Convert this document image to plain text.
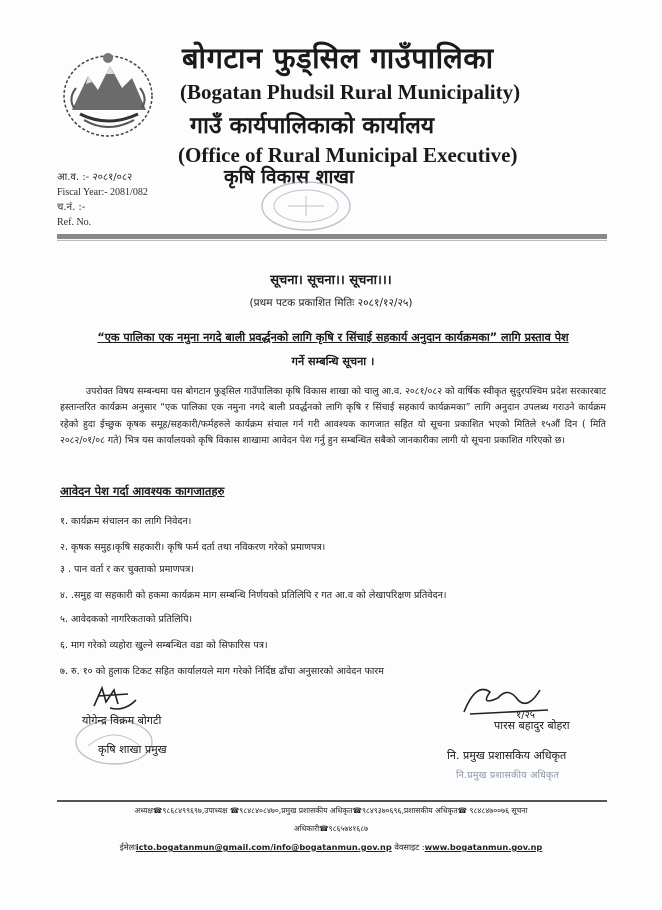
बोगटान फुड्सिल गाउँपालिका
(Bogatan Phudsil Rural Municipality)
गाउँ कार्यपालिकाको कार्यालय
(Office of Rural Municipal Executive)
कृषि विकास शाखा
आ.व. :- २०८१/०८२
Fiscal Year:- 2081/082
च.नं. :-
Ref. No.
सूचना। सूचना।। सूचना।।।
(प्रथम पटक प्रकाशित मितिः २०८१/१२/२५)
“एक पालिका एक नमुना नगदे बाली प्रवर्द्धनको लागि कृषि र सिंचाई सहकार्य अनुदान कार्यक्रमका” लागि प्रस्ताव पेश
गर्ने सम्बन्धि सूचना ।
उपरोक्त विषय सम्बन्धमा यस बोगटान फुड्सिल गाउँपालिका कृषि विकास शाखा को चालु आ.व. २०८१/०८२ को वार्षिक स्वीकृत सुदुरपश्चिम प्रदेश सरकारबाट हस्तान्तरित कार्यक्रम अनुसार “एक पालिका एक नमुना नगदे बाली प्रवर्द्धनको लागि कृषि र सिंचाई सहकार्य कार्यक्रमका” लागि अनुदान उपलब्ध गराउने कार्यक्रम रहेको हुदा ईच्छुक कृषक समूह/सहकारी/फर्महरुले कार्यक्रम संचाल गर्न गरी आवश्यक कागजात सहित यो सूचना प्रकाशित भएको मितिले १५औं दिन ( मिति २०८२/०१/०८ गते) भित्र यस कार्यालयको कृषि विकास शाखामा आवेदन पेश गर्नु हुन सम्बन्धित सबैको जानकारीका लागी यो सूचना प्रकाशित गरिएको छ।
आवेदन पेश गर्दा आवश्यक कागजातहरु
१. कार्यक्रम संचालन का लागि निवेदन।
२. कृषक समुह।कृषि सहकारी। कृषि फर्म दर्ता तथा नविकरण गरेको प्रमाणपत्र।
३ . पान वर्ता र कर चुक्ताको प्रमाणपत्र।
४. .समुह वा सहकारी को हकमा कार्यक्रम माग सम्बन्धि निर्णयको प्रतिलिपि र गत आ.व को लेखापरिक्षण प्रतिवेदन।
५. आवेदकको नागरिकताको प्रतिलिपि।
६. माग गरेको व्यहोरा खुल्ने सम्बन्धित वडा को सिफारिस पत्र।
७. रु. १० को हुलाक टिकट सहित कार्यालयले माग गरेको निर्दिष्ठ ढाँचा अनुसारको आवेदन फारम
योगेन्द्र विक्रम बोगटी
कृषि शाखा प्रमुख
१/२५
पारस बहादुर बोहरा
नि. प्रमुख प्रशासकिय अधिकृत
नि.प्रमुख प्रशासकीय अधिकृत
अध्यक्ष☎९८६८४९९६९७,उपाध्यक्ष ☎९८४८४०८४७०,प्रमुख प्रशासकीय अधिकृत☎९८४९३७०६९६,प्रशासकीय अधिकृत☎ ९८४८४७००७६ सूचना
अधिकारी☎९८६५७४१६८७
ईमेलःicto.bogatanmun@gmail.com/info@bogatanmun.gov.np वेवसाइट :www.bogatanmun.gov.np
